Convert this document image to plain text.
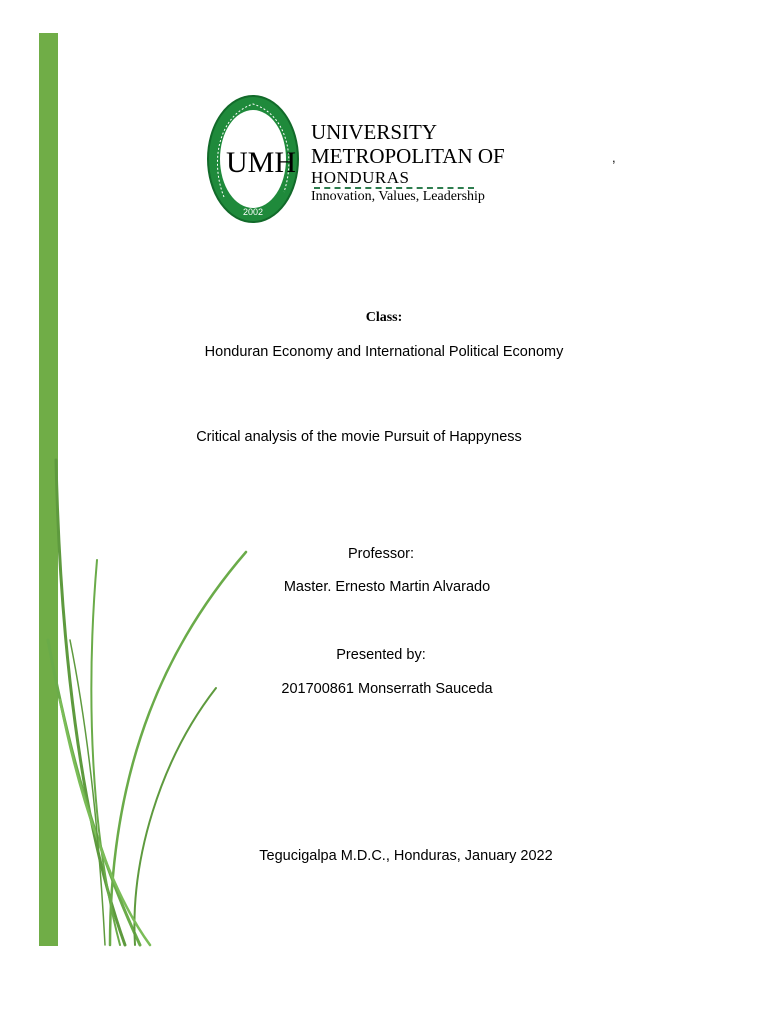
2002
UMH
UNIVERSITY
METROPOLITAN OF
HONDURAS
Innovation, Values, Leadership
,
Class:
Honduran Economy and International Political Economy
Critical analysis of the movie Pursuit of Happyness
Professor:
Master. Ernesto Martin Alvarado
Presented by:
201700861 Monserrath Sauceda
Tegucigalpa M.D.C., Honduras, January 2022
